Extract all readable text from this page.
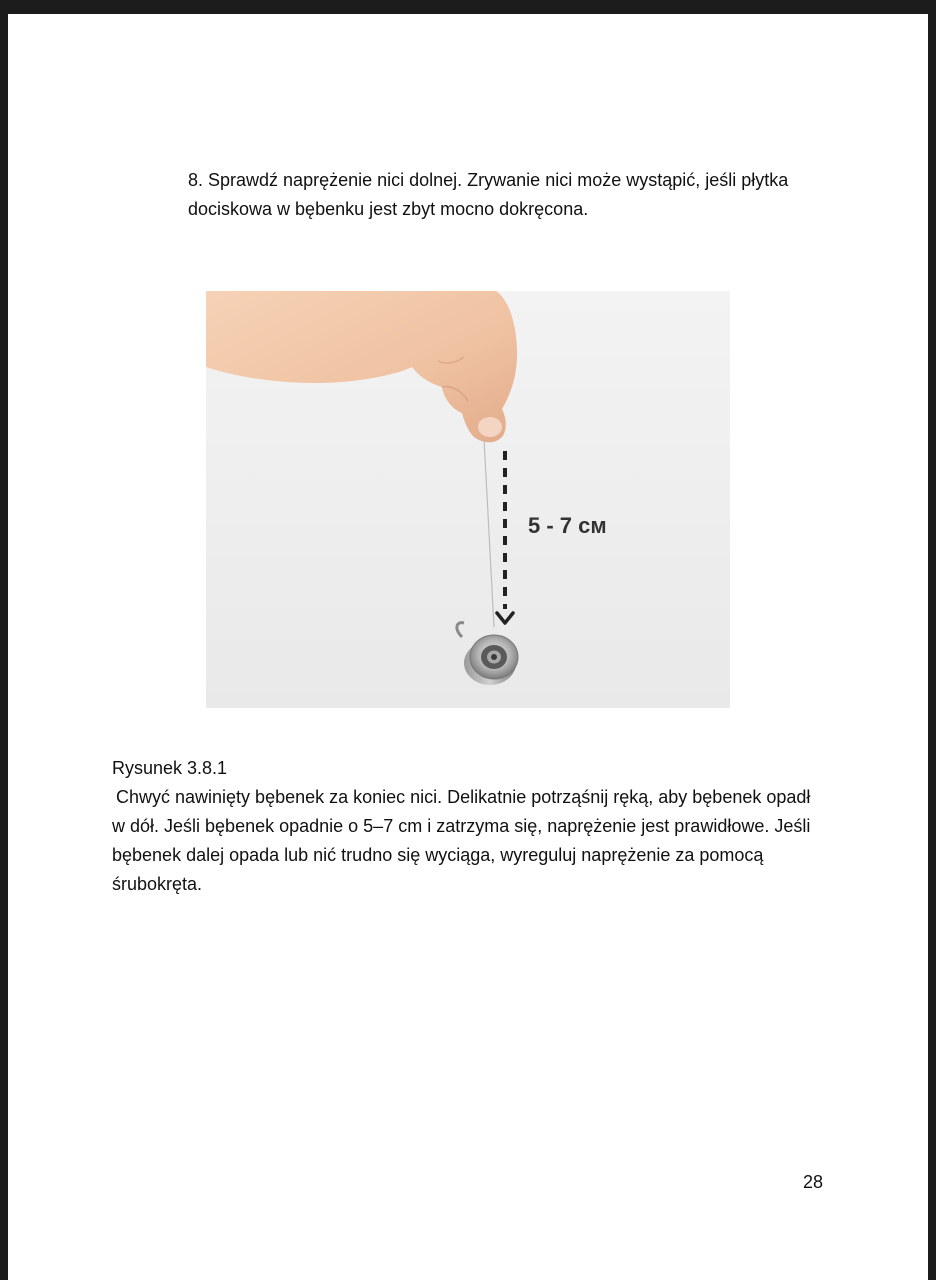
8. Sprawdź naprężenie nici dolnej. Zrywanie nici może wystąpić, jeśli płytka dociskowa w bębenku jest zbyt mocno dokręcona.

5 - 7 см
Rysunek 3.8.1
Chwyć nawinięty bębenek za koniec nici. Delikatnie potrząśnij ręką, aby bębenek opadł w dół. Jeśli bębenek opadnie o 5–7 cm i zatrzyma się, naprężenie jest prawidłowe. Jeśli bębenek dalej opada lub nić trudno się wyciąga, wyreguluj naprężenie za pomocą śrubokręta.
28
